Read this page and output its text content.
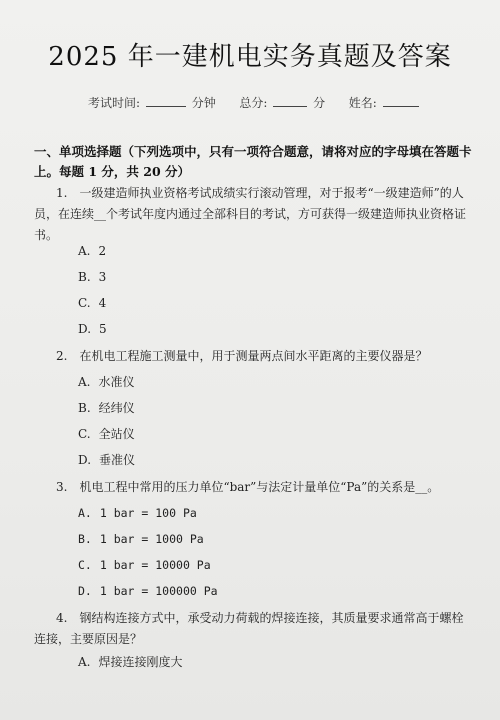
2025 年一建机电实务真题及答案
考试时间:	分钟 总分:	分 姓名:
一、单项选择题（下列选项中，只有一项符合题意，请将对应的字母填在答题卡上。每题 1 分，共 20 分）
1. 一级建造师执业资格考试成绩实行滚动管理，对于报考“一级建造师”的人员，在连续__个考试年度内通过全部科目的考试，方可获得一级建造师执业资格证书。
A. 2
B. 3
C. 4
D. 5
2. 在机电工程施工测量中，用于测量两点间水平距离的主要仪器是？
A. 水准仪
B. 经纬仪
C. 全站仪
D. 垂准仪
3. 机电工程中常用的压力单位“bar”与法定计量单位“Pa”的关系是__。
A. 1 bar = 100 Pa
B. 1 bar = 1000 Pa
C. 1 bar = 10000 Pa
D. 1 bar = 100000 Pa
4. 钢结构连接方式中，承受动力荷载的焊接连接，其质量要求通常高于螺栓连接，主要原因是？
A. 焊接连接刚度大
